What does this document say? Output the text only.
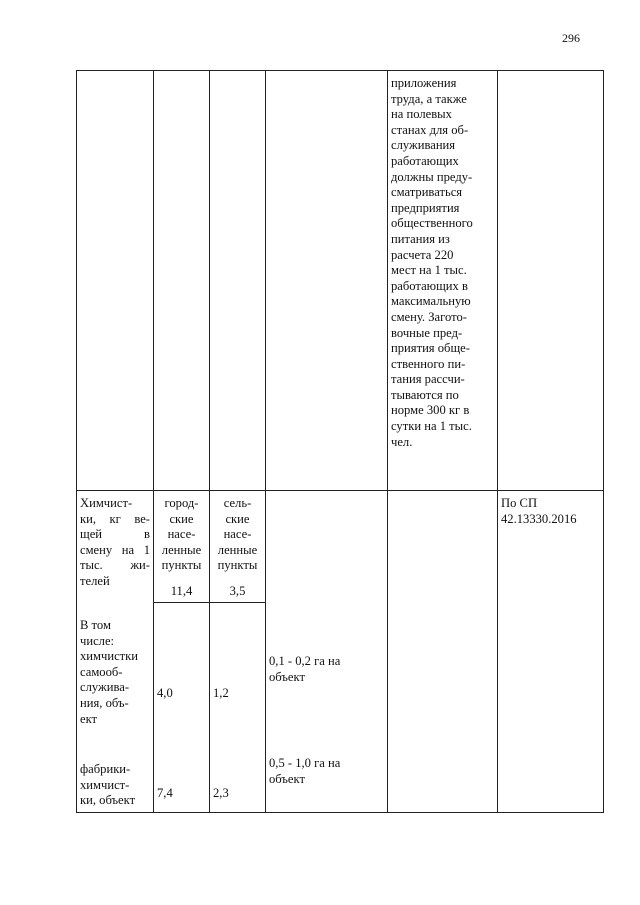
296
приложения
труда, а также
на полевых
станах для об-
служивания
работающих
должны преду-
сматриваться
предприятия
общественного
питания из
расчета 220
мест на 1 тыс.
работающих в
максимальную
смену. Загото-
вочные пред-
приятия обще-
ственного пи-
тания рассчи-
тываются по
норме 300 кг в
сутки на 1 тыс.
чел.
Химчист-
ки, кг ве-
щей в
смену на 1
тыс. жи-
телей
город-
ские
насе-
ленные
пункты
11,4
сель-
ские
насе-
ленные
пункты
3,5
По СП
42.13330.2016
В том
числе:
химчистки
самооб-
служива-
ния, объ-
ект
4,0	1,2
0,1 - 0,2 га на
объект
фабрики-
химчист-
ки, объект
7,4	2,3
0,5 - 1,0 га на
объект
